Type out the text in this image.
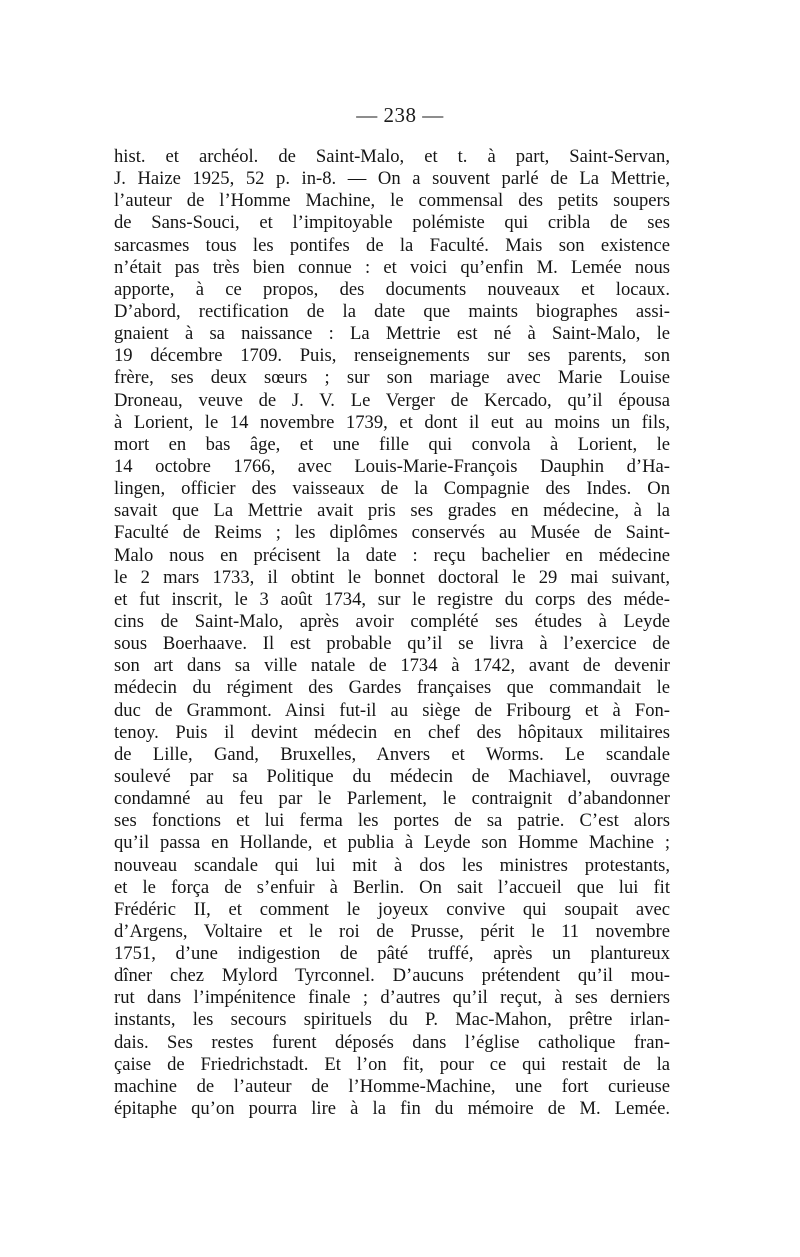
— 238 —
hist. et archéol. de Saint-Malo, et t. à part, Saint-Servan,
J. Haize 1925, 52 p. in-8. — On a souvent parlé de La Mettrie,
l’auteur de l’Homme Machine, le commensal des petits soupers
de Sans-Souci, et l’impitoyable polémiste qui cribla de ses
sarcasmes tous les pontifes de la Faculté. Mais son existence
n’était pas très bien connue : et voici qu’enfin M. Lemée nous
apporte, à ce propos, des documents nouveaux et locaux.
D’abord, rectification de la date que maints biographes assi-
gnaient à sa naissance : La Mettrie est né à Saint-Malo, le
19 décembre 1709. Puis, renseignements sur ses parents, son
frère, ses deux sœurs ; sur son mariage avec Marie Louise
Droneau, veuve de J. V. Le Verger de Kercado, qu’il épousa
à Lorient, le 14 novembre 1739, et dont il eut au moins un fils,
mort en bas âge, et une fille qui convola à Lorient, le
14 octobre 1766, avec Louis-Marie-François Dauphin d’Ha-
lingen, officier des vaisseaux de la Compagnie des Indes. On
savait que La Mettrie avait pris ses grades en médecine, à la
Faculté de Reims ; les diplômes conservés au Musée de Saint-
Malo nous en précisent la date : reçu bachelier en médecine
le 2 mars 1733, il obtint le bonnet doctoral le 29 mai suivant,
et fut inscrit, le 3 août 1734, sur le registre du corps des méde-
cins de Saint-Malo, après avoir complété ses études à Leyde
sous Boerhaave. Il est probable qu’il se livra à l’exercice de
son art dans sa ville natale de 1734 à 1742, avant de devenir
médecin du régiment des Gardes françaises que commandait le
duc de Grammont. Ainsi fut-il au siège de Fribourg et à Fon-
tenoy. Puis il devint médecin en chef des hôpitaux militaires
de Lille, Gand, Bruxelles, Anvers et Worms. Le scandale
soulevé par sa Politique du médecin de Machiavel, ouvrage
condamné au feu par le Parlement, le contraignit d’abandonner
ses fonctions et lui ferma les portes de sa patrie. C’est alors
qu’il passa en Hollande, et publia à Leyde son Homme Machine ;
nouveau scandale qui lui mit à dos les ministres protestants,
et le força de s’enfuir à Berlin. On sait l’accueil que lui fit
Frédéric II, et comment le joyeux convive qui soupait avec
d’Argens, Voltaire et le roi de Prusse, périt le 11 novembre
1751, d’une indigestion de pâté truffé, après un plantureux
dîner chez Mylord Tyrconnel. D’aucuns prétendent qu’il mou-
rut dans l’impénitence finale ; d’autres qu’il reçut, à ses derniers
instants, les secours spirituels du P. Mac-Mahon, prêtre irlan-
dais. Ses restes furent déposés dans l’église catholique fran-
çaise de Friedrichstadt. Et l’on fit, pour ce qui restait de la
machine de l’auteur de l’Homme-Machine, une fort curieuse
épitaphe qu’on pourra lire à la fin du mémoire de M. Lemée.
